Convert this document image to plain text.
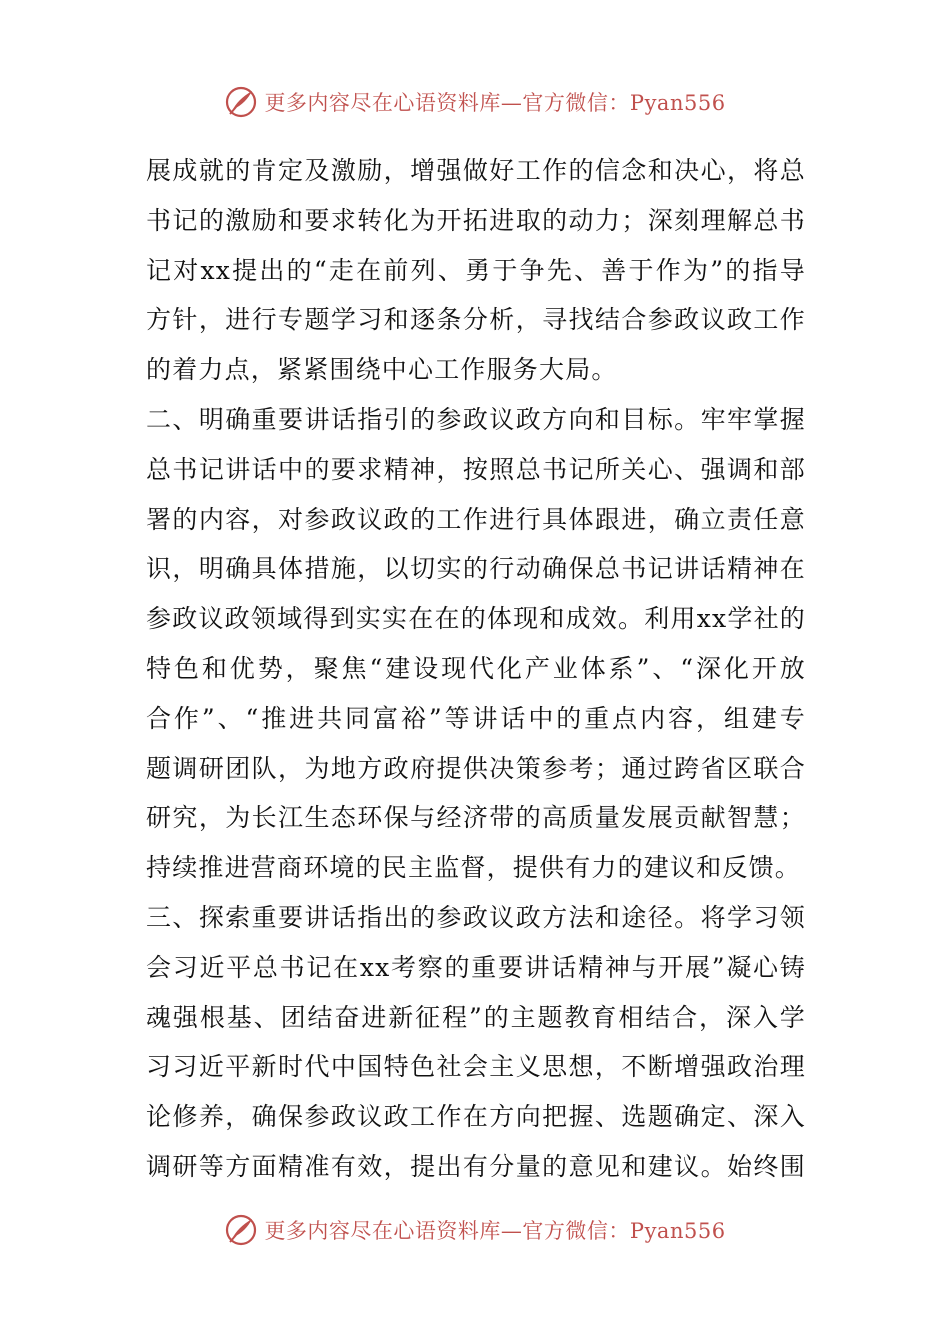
更多内容尽在心语资料库—官方微信：Pyan556
展成就的肯定及激励，增强做好工作的信念和决心，将总
书记的激励和要求转化为开拓进取的动力；深刻理解总书
记对xx提出的“走在前列、勇于争先、善于作为”的指导
方针，进行专题学习和逐条分析，寻找结合参政议政工作
的着力点，紧紧围绕中心工作服务大局。
二、明确重要讲话指引的参政议政方向和目标。牢牢掌握
总书记讲话中的要求精神，按照总书记所关心、强调和部
署的内容，对参政议政的工作进行具体跟进，确立责任意
识，明确具体措施，以切实的行动确保总书记讲话精神在
参政议政领域得到实实在在的体现和成效。利用xx学社的
特色和优势，聚焦“建设现代化产业体系”、“深化开放
合作”、“推进共同富裕”等讲话中的重点内容，组建专
题调研团队，为地方政府提供决策参考；通过跨省区联合
研究，为长江生态环保与经济带的高质量发展贡献智慧；
持续推进营商环境的民主监督，提供有力的建议和反馈。
三、探索重要讲话指出的参政议政方法和途径。将学习领
会习近平总书记在xx考察的重要讲话精神与开展”凝心铸
魂强根基、团结奋进新征程”的主题教育相结合，深入学
习习近平新时代中国特色社会主义思想，不断增强政治理
论修养，确保参政议政工作在方向把握、选题确定、深入
调研等方面精准有效，提出有分量的意见和建议。始终围
更多内容尽在心语资料库—官方微信：Pyan556
